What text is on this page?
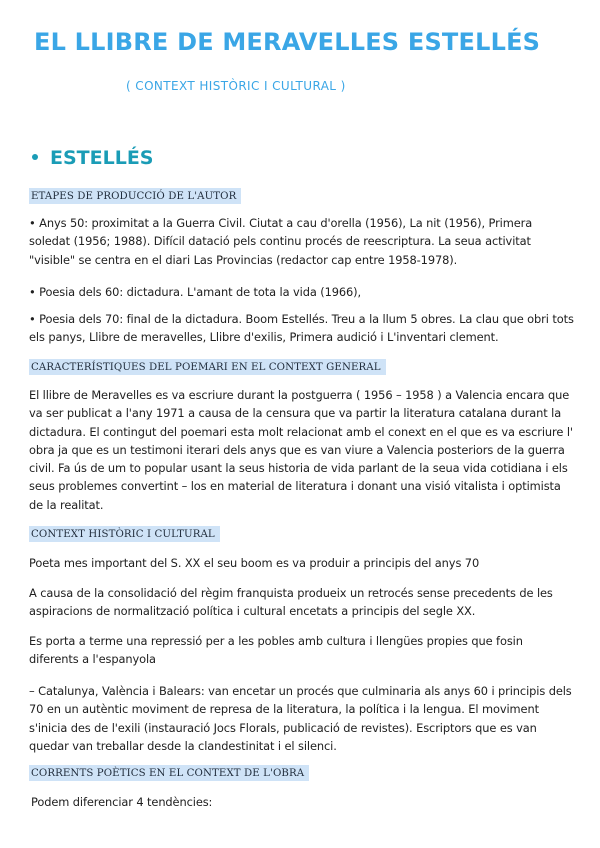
EL LLIBRE DE MERAVELLES ESTELLÉS
( CONTEXT HISTÒRIC I CULTURAL )
ESTELLÉS
ETAPES DE PRODUCCIÓ DE L'AUTOR

• Anys 50: proximitat a la Guerra Civil. Ciutat a cau d'orella (1956), La nit (1956), Primera soledat (1956; 1988). Difícil datació pels continu procés de reescriptura. La seua activitat "visible" se centra en el diari Las Provincias (redactor cap entre 1958-1978).

• Poesia dels 60: dictadura. L'amant de tota la vida (1966),

• Poesia dels 70: final de la dictadura. Boom Estellés. Treu a la llum 5 obres. La clau que obri tots els panys, Llibre de meravelles, Llibre d'exilis, Primera audició i L'inventari clement.

CARACTERÍSTIQUES DEL POEMARI EN EL CONTEXT GENERAL

El llibre de Meravelles es va escriure durant la postguerra ( 1956 – 1958 ) a Valencia encara que va ser publicat a l'any 1971 a causa de la censura que va partir la literatura catalana durant la dictadura. El contingut del poemari esta molt relacionat amb el conext en el que es va escriure l' obra ja que es un testimoni iterari dels anys que es van viure a Valencia posteriors de la guerra civil. Fa ús de um to popular usant la seus historia de vida parlant de la seua vida cotidiana i els seus problemes convertint – los en material de literatura i donant una visió vitalista i optimista de la realitat.

CONTEXT HISTÒRIC I CULTURAL

Poeta mes important del S. XX el seu boom es va produir a principis del anys 70

A causa de la consolidació del règim franquista produeix un retrocés sense precedents de les aspiracions de normalització política i cultural encetats a principis del segle XX.

Es porta a terme una repressió per a les pobles amb cultura i llengües propies que fosin diferents a l'espanyola

– Catalunya, València i Balears: van encetar un procés que culminaria als anys 60 i principis dels 70 en un autèntic moviment de represa de la literatura, la política i la lengua. El moviment s'inicia des de l'exili (instauració Jocs Florals, publicació de revistes). Escriptors que es van quedar van treballar desde la clandestinitat i el silenci.

CORRENTS POÈTICS EN EL CONTEXT DE L'OBRA

Podem diferenciar 4 tendències:
